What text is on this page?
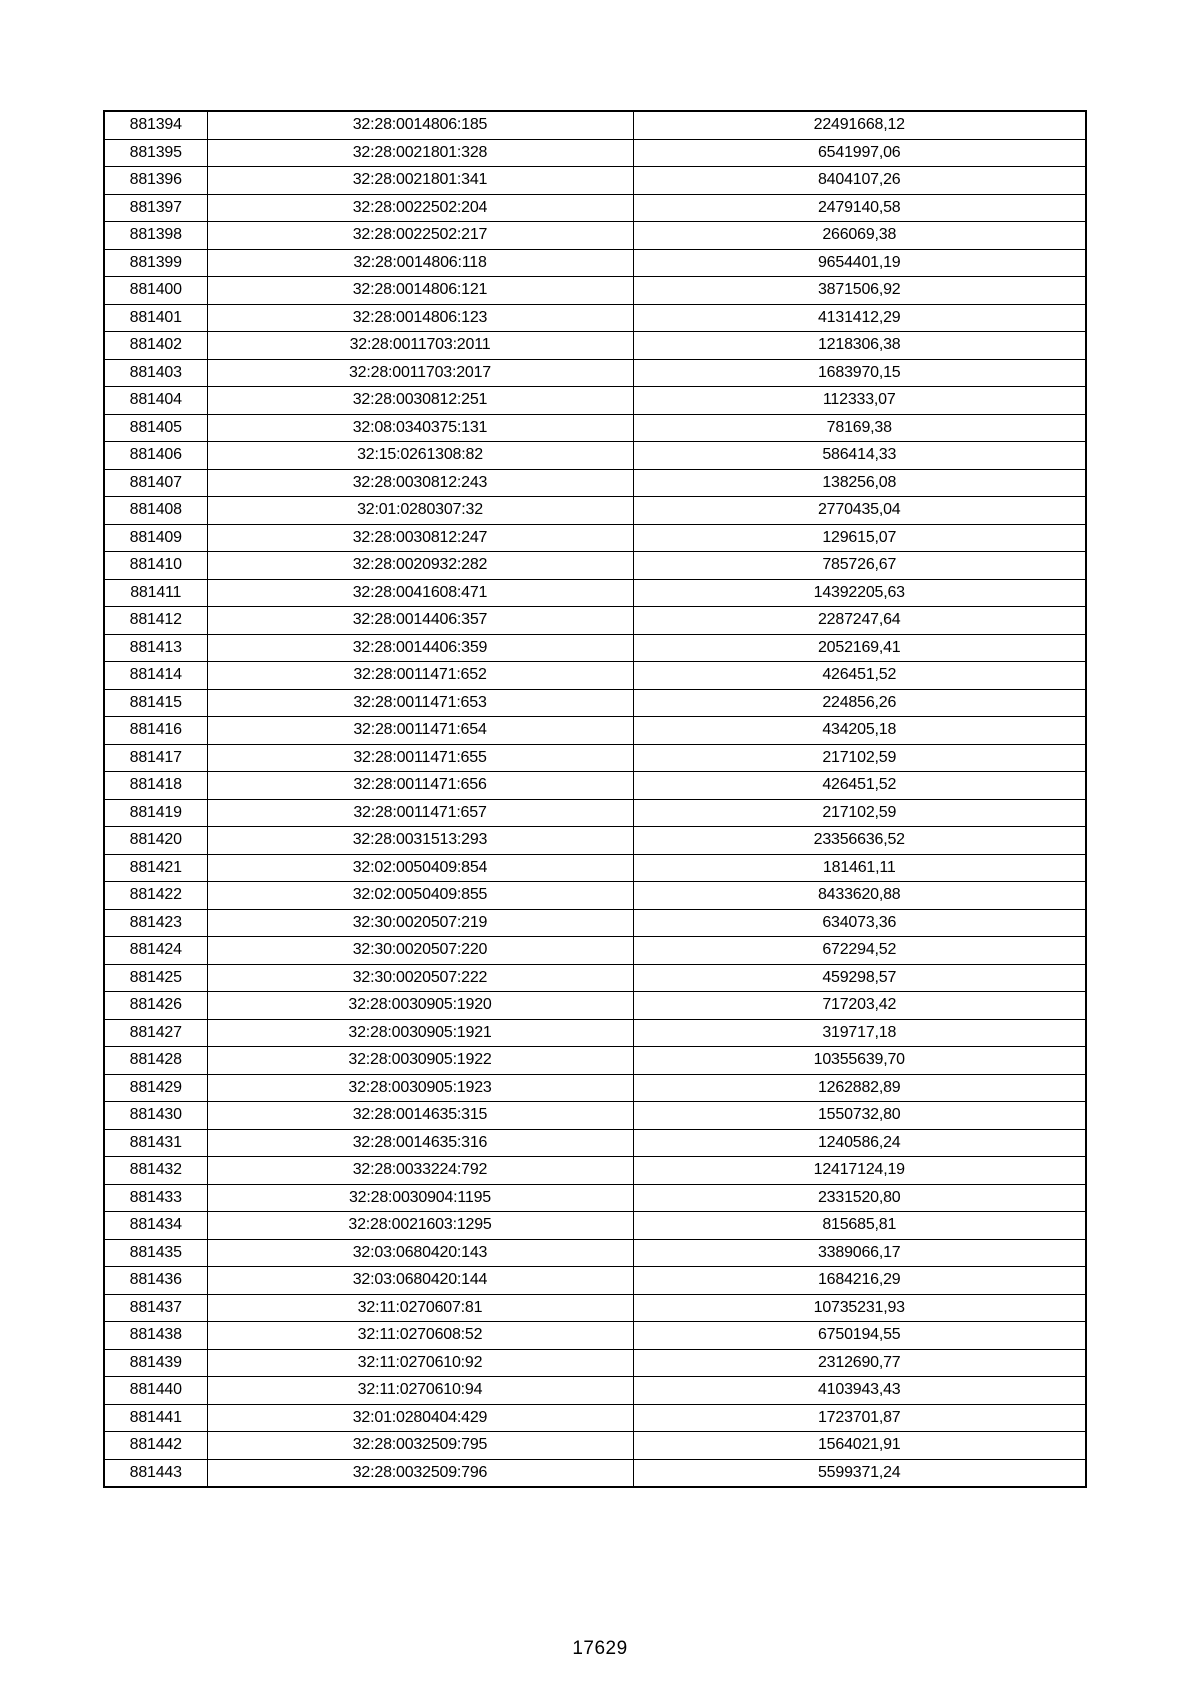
881394	32:28:0014806:185	22491668,12
881395	32:28:0021801:328	6541997,06
881396	32:28:0021801:341	8404107,26
881397	32:28:0022502:204	2479140,58
881398	32:28:0022502:217	266069,38
881399	32:28:0014806:118	9654401,19
881400	32:28:0014806:121	3871506,92
881401	32:28:0014806:123	4131412,29
881402	32:28:0011703:2011	1218306,38
881403	32:28:0011703:2017	1683970,15
881404	32:28:0030812:251	112333,07
881405	32:08:0340375:131	78169,38
881406	32:15:0261308:82	586414,33
881407	32:28:0030812:243	138256,08
881408	32:01:0280307:32	2770435,04
881409	32:28:0030812:247	129615,07
881410	32:28:0020932:282	785726,67
881411	32:28:0041608:471	14392205,63
881412	32:28:0014406:357	2287247,64
881413	32:28:0014406:359	2052169,41
881414	32:28:0011471:652	426451,52
881415	32:28:0011471:653	224856,26
881416	32:28:0011471:654	434205,18
881417	32:28:0011471:655	217102,59
881418	32:28:0011471:656	426451,52
881419	32:28:0011471:657	217102,59
881420	32:28:0031513:293	23356636,52
881421	32:02:0050409:854	181461,11
881422	32:02:0050409:855	8433620,88
881423	32:30:0020507:219	634073,36
881424	32:30:0020507:220	672294,52
881425	32:30:0020507:222	459298,57
881426	32:28:0030905:1920	717203,42
881427	32:28:0030905:1921	319717,18
881428	32:28:0030905:1922	10355639,70
881429	32:28:0030905:1923	1262882,89
881430	32:28:0014635:315	1550732,80
881431	32:28:0014635:316	1240586,24
881432	32:28:0033224:792	12417124,19
881433	32:28:0030904:1195	2331520,80
881434	32:28:0021603:1295	815685,81
881435	32:03:0680420:143	3389066,17
881436	32:03:0680420:144	1684216,29
881437	32:11:0270607:81	10735231,93
881438	32:11:0270608:52	6750194,55
881439	32:11:0270610:92	2312690,77
881440	32:11:0270610:94	4103943,43
881441	32:01:0280404:429	1723701,87
881442	32:28:0032509:795	1564021,91
881443	32:28:0032509:796	5599371,24
17629
